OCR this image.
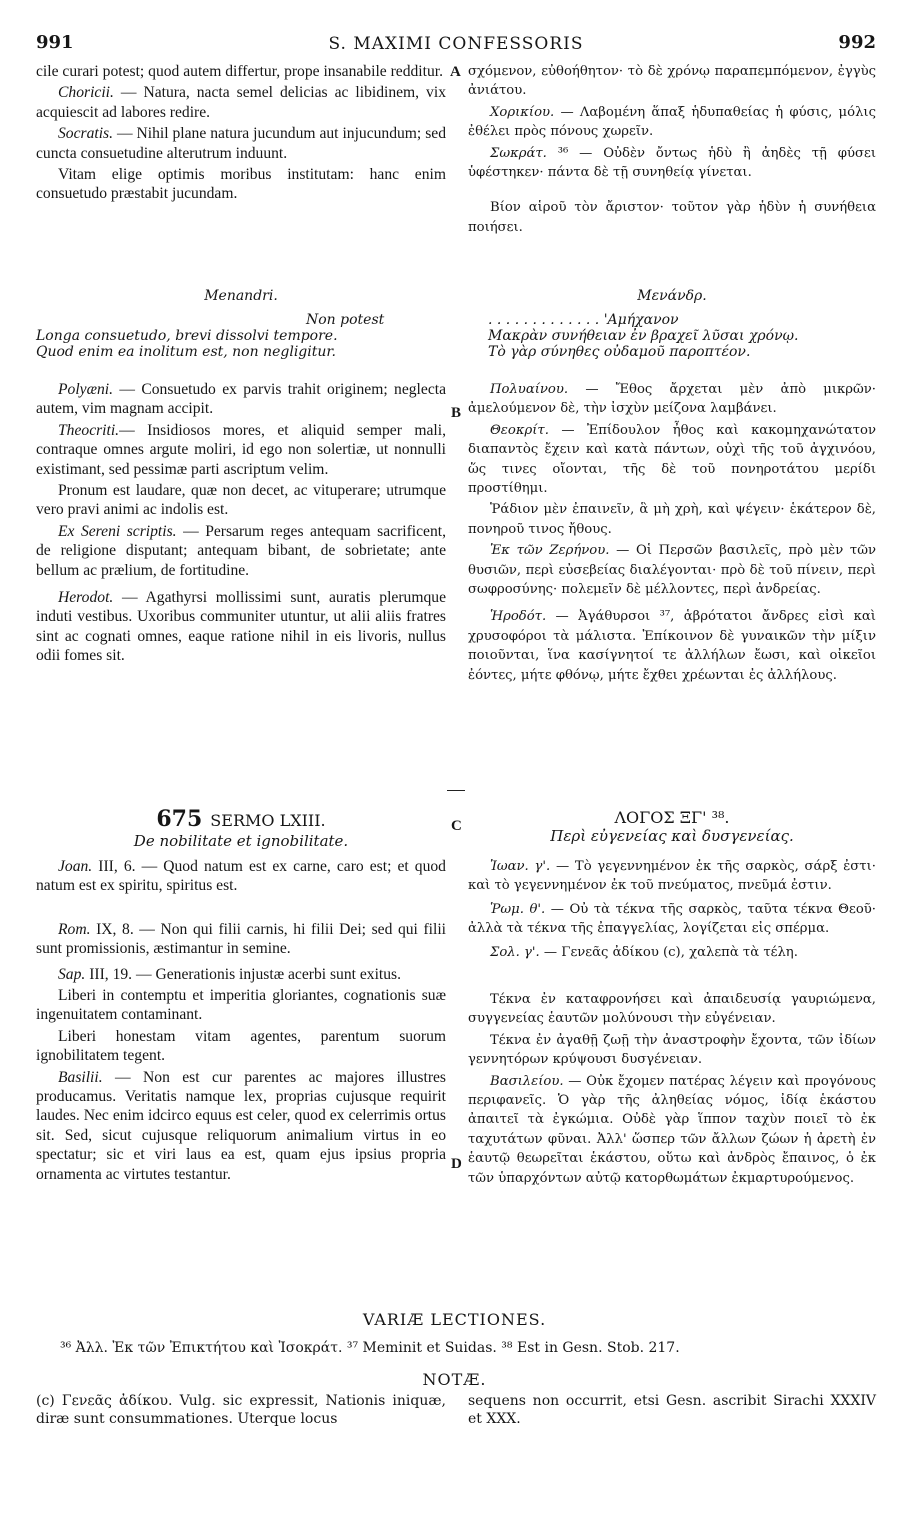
991	S. MAXIMI CONFESSORIS	992
A
B
C
D

cile curari potest; quod autem differtur, prope insanabile redditur.

Choricii. — Natura, nacta semel delicias ac libidinem, vix acquiescit ad labores redire.

Socratis. — Nihil plane natura jucundum aut injucundum; sed cuncta consuetudine alterutrum induunt.

Vitam elige optimis moribus institutam: hanc enim consuetudo præstabit jucundam.

Menandri.
Non potest
Longa consuetudo, brevi dissolvi tempore.
Quod enim ea inolitum est, non negligitur.

Polyæni. — Consuetudo ex parvis trahit originem; neglecta autem, vim magnam accipit.

Theocriti.— Insidiosos mores, et aliquid semper mali, contraque omnes argute moliri, id ego non solertiæ, ut nonnulli existimant, sed pessimæ parti ascriptum velim.

Pronum est laudare, quæ non decet, ac vituperare; utrumque vero pravi animi ac indolis est.

Ex Sereni scriptis. — Persarum reges antequam sacrificent, de religione disputant; antequam bibant, de sobrietate; ante bellum ac prælium, de fortitudine.

Herodot. — Agathyrsi mollissimi sunt, auratis plerumque induti vestibus. Uxoribus communiter utuntur, ut alii aliis fratres sint ac cognati omnes, eaque ratione nihil in eis livoris, nullus odii fomes sit.

675 SERMO LXIII.
De nobilitate et ignobilitate.

Joan. III, 6. — Quod natum est ex carne, caro est; et quod natum est ex spiritu, spiritus est.

Rom. IX, 8. — Non qui filii carnis, hi filii Dei; sed qui filii sunt promissionis, æstimantur in semine.

Sap. III, 19. — Generationis injustæ acerbi sunt exitus.

Liberi in contemptu et imperitia gloriantes, cognationis suæ ingenuitatem contaminant.

Liberi honestam vitam agentes, parentum suorum ignobilitatem tegent.

Basilii. — Non est cur parentes ac majores illustres producamus. Veritatis namque lex, proprias cujusque requirit laudes. Nec enim idcirco equus est celer, quod ex celerrimis ortus sit. Sed, sicut cujusque reliquorum animalium virtus in eo spectatur; sic et viri laus ea est, quam ejus ipsius propria ornamenta ac virtutes testantur.

σχόμενον, εὐθοήθητον· τὸ δὲ χρόνῳ παραπεμπόμενον, ἐγγὺς ἀνιάτου.

Χορικίου. — Λαβομένη ἅπαξ ἡδυπαθείας ἡ φύσις, μόλις ἐθέλει πρὸς πόνους χωρεῖν.

Σωκράτ. ³⁶ — Οὐδὲν ὄντως ἡδὺ ἢ ἀηδὲς τῇ φύσει ὑφέστηκεν· πάντα δὲ τῇ συνηθείᾳ γίνεται.

Βίον αἱροῦ τὸν ἄριστον· τοῦτον γὰρ ἡδὺν ἡ συνήθεια ποιήσει.

Μενάνδρ.
. . . . . . . . . . . . . 'Αμήχανον
Μακρὰν συνήθειαν ἐν βραχεῖ λῦσαι χρόνῳ.
Τὸ γὰρ σύνηθες οὐδαμοῦ παροπτέον.

Πολυαίνου. — Ἔθος ἄρχεται μὲν ἀπὸ μικρῶν· ἀμελούμενον δὲ, τὴν ἰσχὺν μείζονα λαμβάνει.

Θεοκρίτ. — Ἐπίδουλον ἦθος καὶ κακομηχανώτατον διαπαντὸς ἔχειν καὶ κατὰ πάντων, οὐχὶ τῆς τοῦ ἀγχινόου, ὥς τινες οἴονται, τῆς δὲ τοῦ πονηροτάτου μερίδι προστίθημι.

Ῥάδιον μὲν ἐπαινεῖν, ἃ μὴ χρὴ, καὶ ψέγειν· ἑκάτερον δὲ, πονηροῦ τινος ἤθους.

Ἐκ τῶν Ζερήνου. — Οἱ Περσῶν βασιλεῖς, πρὸ μὲν τῶν θυσιῶν, περὶ εὐσεβείας διαλέγονται· πρὸ δὲ τοῦ πίνειν, περὶ σωφροσύνης· πολεμεῖν δὲ μέλλοντες, περὶ ἀνδρείας.

Ἡροδότ. — Ἀγάθυρσοι ³⁷, ἁβρότατοι ἄνδρες εἰσὶ καὶ χρυσοφόροι τὰ μάλιστα. Ἐπίκοινον δὲ γυναικῶν τὴν μίξιν ποιοῦνται, ἵνα κασίγνητοί τε ἀλλήλων ἔωσι, καὶ οἰκεῖοι ἐόντες, μήτε φθόνῳ, μήτε ἔχθει χρέωνται ἐς ἀλλήλους.

ΛΟΓΟΣ ΞΓ' ³⁸.
Περὶ εὐγενείας καὶ δυσγενείας.

Ἰωαν. γ'. — Τὸ γεγεννημένον ἐκ τῆς σαρκὸς, σάρξ ἐστι· καὶ τὸ γεγεννημένον ἐκ τοῦ πνεύματος, πνεῦμά ἐστιν.

Ῥωμ. θ'. — Οὐ τὰ τέκνα τῆς σαρκὸς, ταῦτα τέκνα Θεοῦ· ἀλλὰ τὰ τέκνα τῆς ἐπαγγελίας, λογίζεται εἰς σπέρμα.

Σολ. γ'. — Γενεᾶς ἀδίκου (c), χαλεπὰ τὰ τέλη.

Τέκνα ἐν καταφρονήσει καὶ ἀπαιδευσίᾳ γαυριώμενα, συγγενείας ἑαυτῶν μολύνουσι τὴν εὐγένειαν.

Τέκνα ἐν ἀγαθῇ ζωῇ τὴν ἀναστροφὴν ἔχοντα, τῶν ἰδίων γεννητόρων κρύψουσι δυσγένειαν.

Βασιλείου. — Οὐκ ἔχομεν πατέρας λέγειν καὶ προγόνους περιφανεῖς. Ὁ γὰρ τῆς ἀληθείας νόμος, ἰδίᾳ ἑκάστου ἀπαιτεῖ τὰ ἐγκώμια. Οὐδὲ γὰρ ἵππον ταχὺν ποιεῖ τὸ ἐκ ταχυτάτων φῦναι. Ἀλλ' ὥσπερ τῶν ἄλλων ζώων ἡ ἀρετὴ ἐν ἑαυτῷ θεωρεῖται ἑκάστου, οὕτω καὶ ἀνδρὸς ἔπαινος, ὁ ἐκ τῶν ὑπαρχόντων αὐτῷ κατορθωμάτων ἐκμαρτυρούμενος.

VARIÆ LECTIONES.
³⁶ Ἀλλ. Ἐκ τῶν Ἐπικτήτου καὶ Ἰσοκράτ. ³⁷ Meminit et Suidas. ³⁸ Est in Gesn. Stob. 217.
NOTÆ.
(c) Γενεᾶς ἀδίκου. Vulg. sic expressit, Nationis iniquæ, diræ sunt consummationes. Uterque locus
sequens non occurrit, etsi Gesn. ascribit Sirachi XXXIV et XXX.
